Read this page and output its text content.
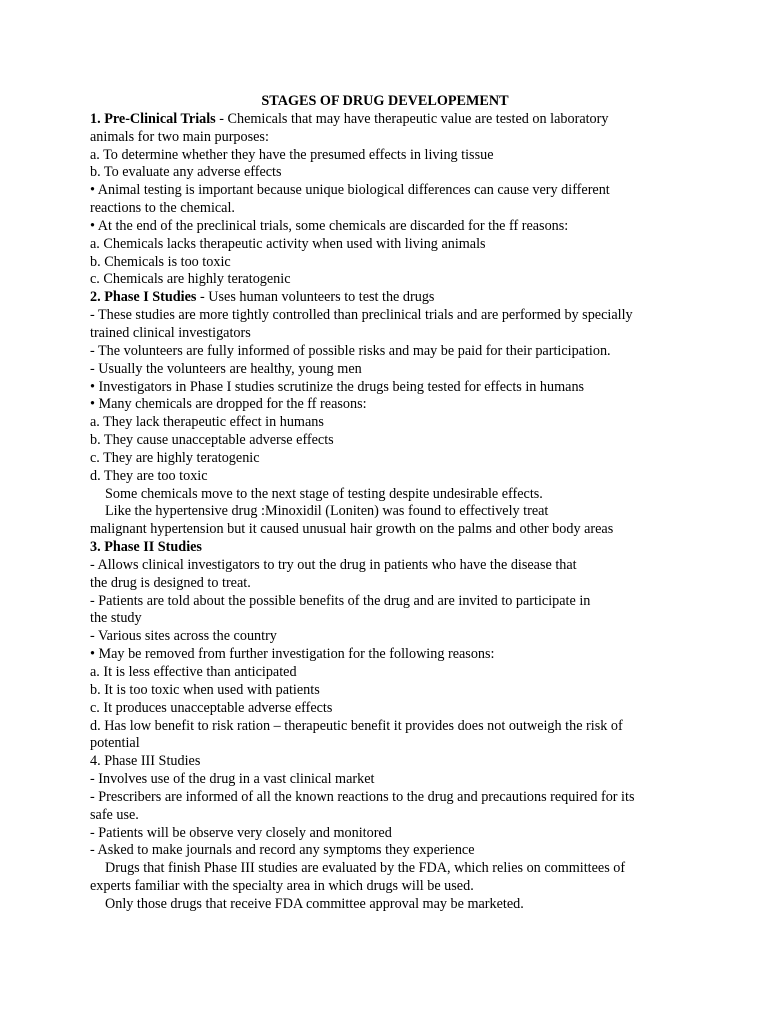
STAGES OF DRUG DEVELOPEMENT
1. Pre-Clinical Trials - Chemicals that may have therapeutic value are tested on laboratory
animals for two main purposes:
a. To determine whether they have the presumed effects in living tissue
b. To evaluate any adverse effects
• Animal testing is important because unique biological differences can cause very different
reactions to the chemical.
• At the end of the preclinical trials, some chemicals are discarded for the ff reasons:
a. Chemicals lacks therapeutic activity when used with living animals
b. Chemicals is too toxic
c. Chemicals are highly teratogenic
2. Phase I Studies - Uses human volunteers to test the drugs
- These studies are more tightly controlled than preclinical trials and are performed by specially
trained clinical investigators
- The volunteers are fully informed of possible risks and may be paid for their participation.
- Usually the volunteers are healthy, young men
• Investigators in Phase I studies scrutinize the drugs being tested for effects in humans
• Many chemicals are dropped for the ff reasons:
a. They lack therapeutic effect in humans
b. They cause unacceptable adverse effects
c. They are highly teratogenic
d. They are too toxic
Some chemicals move to the next stage of testing despite undesirable effects.
Like the hypertensive drug :Minoxidil (Loniten) was found to effectively treat
malignant hypertension but it caused unusual hair growth on the palms and other body areas
3. Phase II Studies
- Allows clinical investigators to try out the drug in patients who have the disease that
the drug is designed to treat.
- Patients are told about the possible benefits of the drug and are invited to participate in
the study
- Various sites across the country
• May be removed from further investigation for the following reasons:
a. It is less effective than anticipated
b. It is too toxic when used with patients
c. It produces unacceptable adverse effects
d. Has low benefit to risk ration – therapeutic benefit it provides does not outweigh the risk of
potential
4. Phase III Studies
- Involves use of the drug in a vast clinical market
- Prescribers are informed of all the known reactions to the drug and precautions required for its
safe use.
- Patients will be observe very closely and monitored
- Asked to make journals and record any symptoms they experience
Drugs that finish Phase III studies are evaluated by the FDA, which relies on committees of
experts familiar with the specialty area in which drugs will be used.
Only those drugs that receive FDA committee approval may be marketed.
